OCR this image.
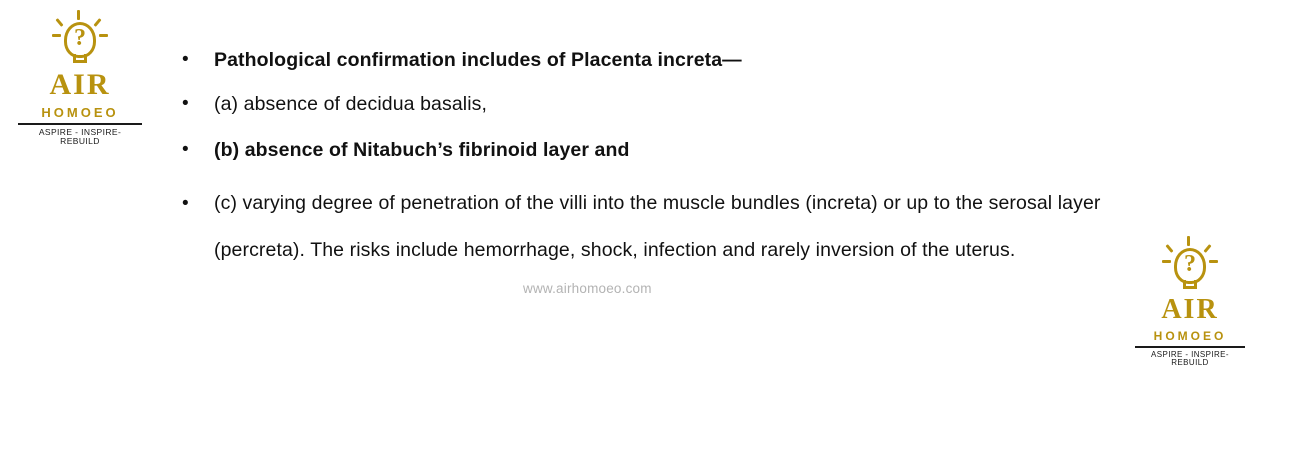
?
AIR
HOMOEO
ASPIRE - INSPIRE- REBUILD
•	Pathological confirmation includes of Placenta increta—
•	(a) absence of decidua basalis,
•	(b) absence of Nitabuch’s fibrinoid layer and
•	(c) varying degree of penetration of the villi into the muscle bundles (increta) or up to the serosal layer (percreta). The risks include hemorrhage, shock, infection and rarely inversion of the uterus.
www.airhomoeo.com
?
AIR
HOMOEO
ASPIRE - INSPIRE- REBUILD
